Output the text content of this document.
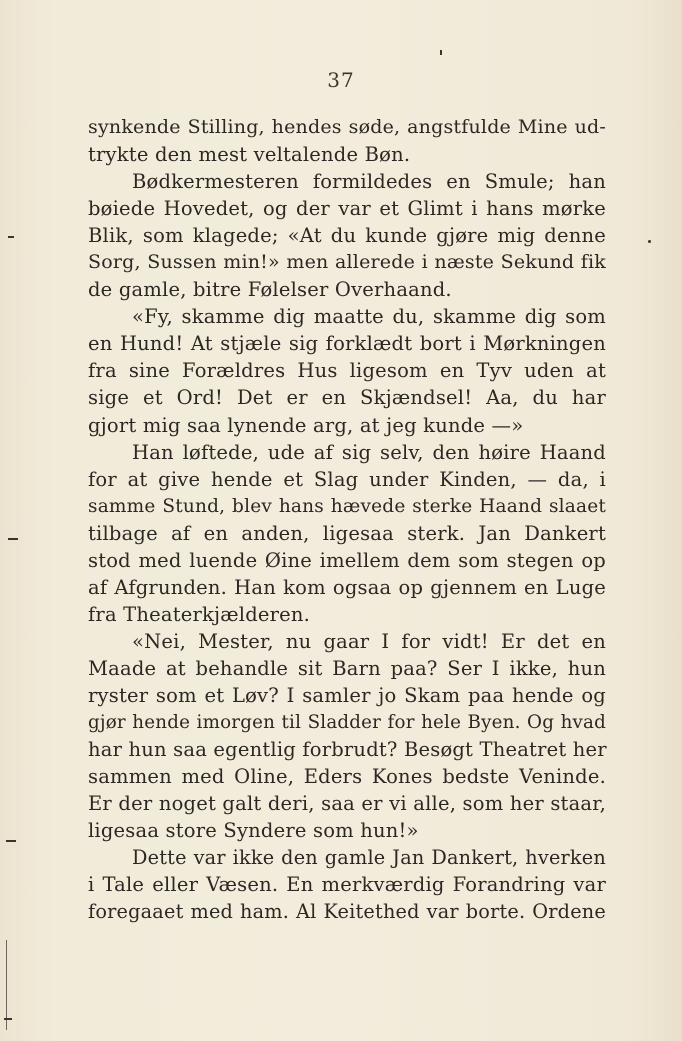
37
synkende Stilling, hendes søde, angstfulde Mine ud-
trykte den mest veltalende Bøn.
Bødkermesteren formildedes en Smule; han
bøiede Hovedet, og der var et Glimt i hans mørke
Blik, som klagede; «At du kunde gjøre mig denne
Sorg, Sussen min!» men allerede i næste Sekund fik
de gamle, bitre Følelser Overhaand.
«Fy, skamme dig maatte du, skamme dig som
en Hund! At stjæle sig forklædt bort i Mørkningen
fra sine Forældres Hus ligesom en Tyv uden at
sige et Ord! Det er en Skjændsel! Aa, du har
gjort mig saa lynende arg, at jeg kunde —»
Han løftede, ude af sig selv, den høire Haand
for at give hende et Slag under Kinden, — da, i
samme Stund, blev hans hævede sterke Haand slaaet
tilbage af en anden, ligesaa sterk. Jan Dankert
stod med luende Øine imellem dem som stegen op
af Afgrunden. Han kom ogsaa op gjennem en Luge
fra Theaterkjælderen.
«Nei, Mester, nu gaar I for vidt! Er det en
Maade at behandle sit Barn paa? Ser I ikke, hun
ryster som et Løv? I samler jo Skam paa hende og
gjør hende imorgen til Sladder for hele Byen. Og hvad
har hun saa egentlig forbrudt? Besøgt Theatret her
sammen med Oline, Eders Kones bedste Veninde.
Er der noget galt deri, saa er vi alle, som her staar,
ligesaa store Syndere som hun!»
Dette var ikke den gamle Jan Dankert, hverken
i Tale eller Væsen. En merkværdig Forandring var
foregaaet med ham. Al Keitethed var borte. Ordene
